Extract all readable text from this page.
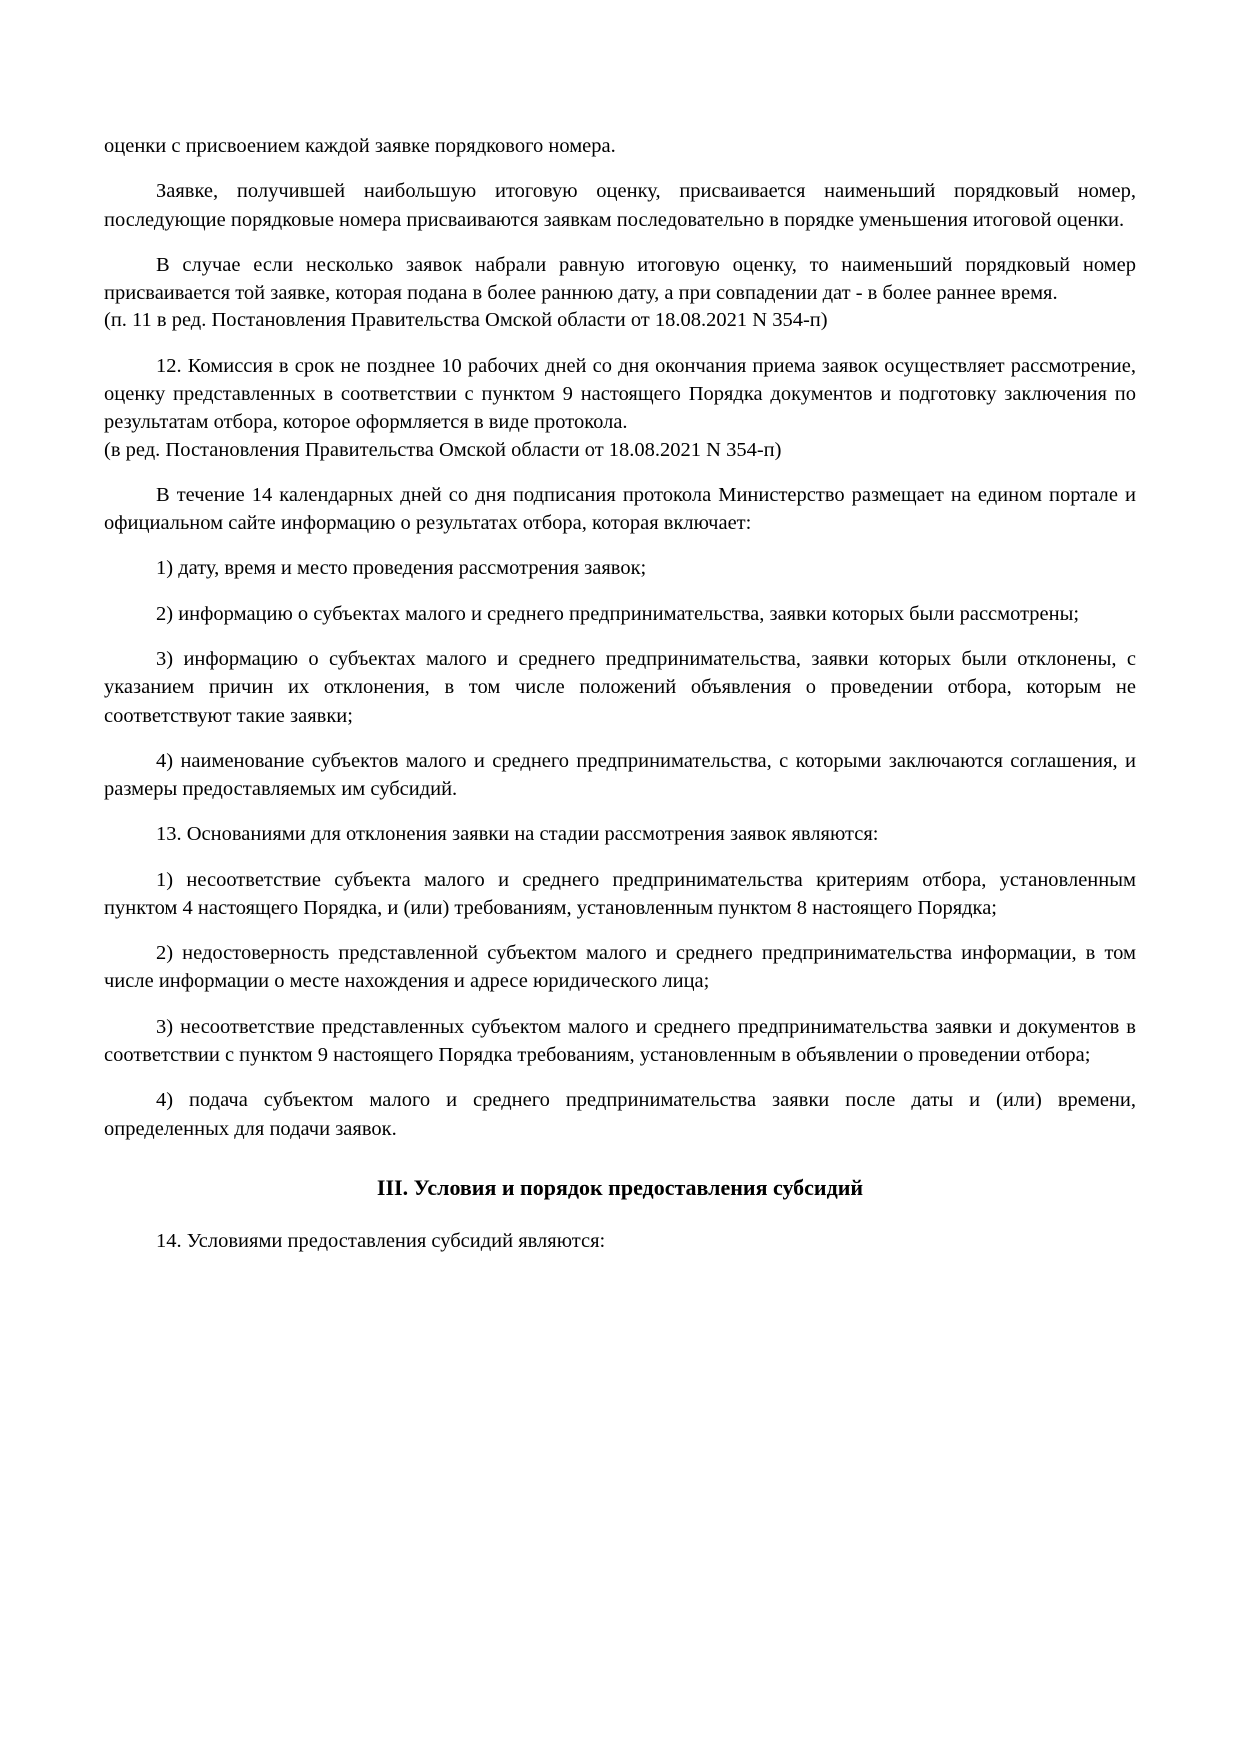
оценки с присвоением каждой заявке порядкового номера.

Заявке, получившей наибольшую итоговую оценку, присваивается наименьший порядковый номер, последующие порядковые номера присваиваются заявкам последовательно в порядке уменьшения итоговой оценки.

В случае если несколько заявок набрали равную итоговую оценку, то наименьший порядковый номер присваивается той заявке, которая подана в более раннюю дату, а при совпадении дат - в более раннее время.

(п. 11 в ред. Постановления Правительства Омской области от 18.08.2021 N 354-п)

12. Комиссия в срок не позднее 10 рабочих дней со дня окончания приема заявок осуществляет рассмотрение, оценку представленных в соответствии с пунктом 9 настоящего Порядка документов и подготовку заключения по результатам отбора, которое оформляется в виде протокола.

(в ред. Постановления Правительства Омской области от 18.08.2021 N 354-п)

В течение 14 календарных дней со дня подписания протокола Министерство размещает на едином портале и официальном сайте информацию о результатах отбора, которая включает:

1) дату, время и место проведения рассмотрения заявок;

2) информацию о субъектах малого и среднего предпринимательства, заявки которых были рассмотрены;

3) информацию о субъектах малого и среднего предпринимательства, заявки которых были отклонены, с указанием причин их отклонения, в том числе положений объявления о проведении отбора, которым не соответствуют такие заявки;

4) наименование субъектов малого и среднего предпринимательства, с которыми заключаются соглашения, и размеры предоставляемых им субсидий.

13. Основаниями для отклонения заявки на стадии рассмотрения заявок являются:

1) несоответствие субъекта малого и среднего предпринимательства критериям отбора, установленным пунктом 4 настоящего Порядка, и (или) требованиям, установленным пунктом 8 настоящего Порядка;

2) недостоверность представленной субъектом малого и среднего предпринимательства информации, в том числе информации о месте нахождения и адресе юридического лица;

3) несоответствие представленных субъектом малого и среднего предпринимательства заявки и документов в соответствии с пунктом 9 настоящего Порядка требованиям, установленным в объявлении о проведении отбора;

4) подача субъектом малого и среднего предпринимательства заявки после даты и (или) времени, определенных для подачи заявок.

III. Условия и порядок предоставления субсидий

14. Условиями предоставления субсидий являются:
